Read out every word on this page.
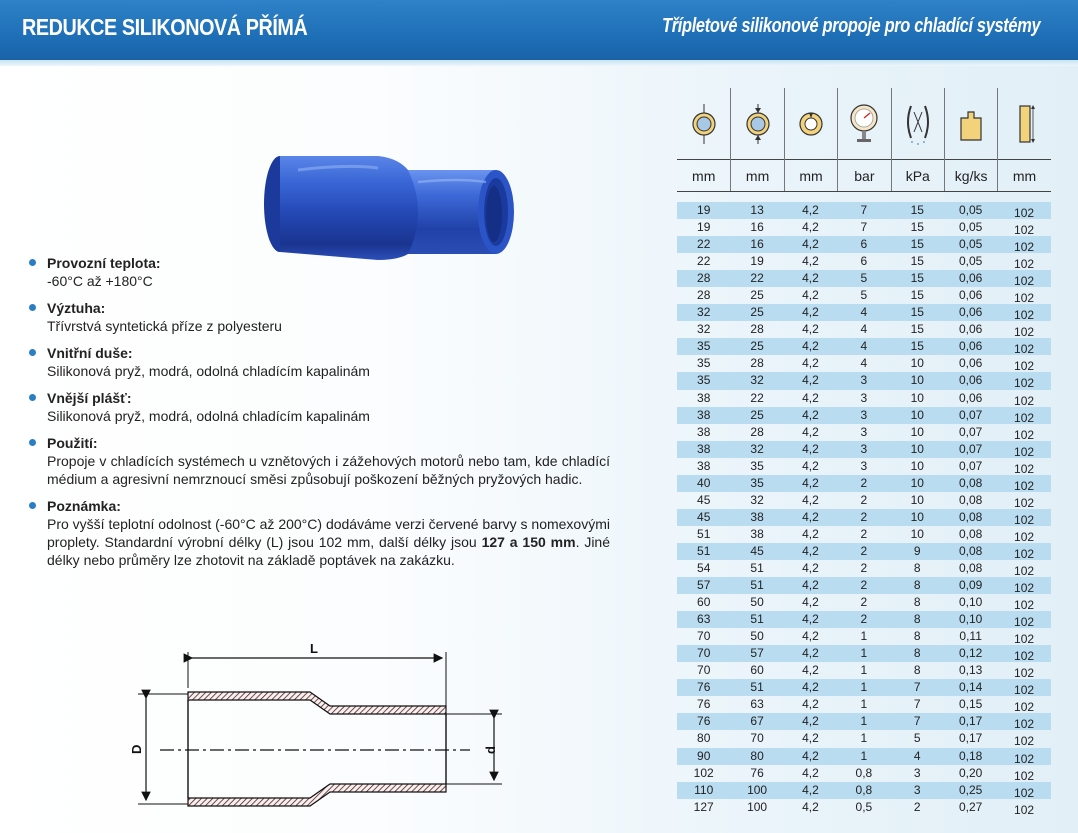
REDUKCE SILIKONOVÁ PŘÍMÁ	Třípletové silikonové propoje pro chladící systémy
Provozní teplota:
-60°C až +180°C
Výztuha:
Třívrstvá syntetická příze z polyesteru
Vnitřní duše:
Silikonová pryž, modrá, odolná chladícím kapalinám
Vnější plášť:
Silikonová pryž, modrá, odolná chladícím kapalinám
Použití:
Propoje v chladících systémech u vznětových i zážehových motorů nebo tam, kde chladící médium a agresivní nemrznoucí směsi způsobují poškození běžných pryžových hadic.
Poznámka:
Pro vyšší teplotní odolnost (-60°C až 200°C) dodáváme verzi červené barvy s nomexovými proplety. Standardní výrobní délky (L) jsou 102 mm, další délky jsou 127 a 150 mm. Jiné délky nebo průměry lze zhotovit na základě poptávek na zakázku.
L
D	d
mm	mm	mm	bar	kPa	kg/ks	mm
19	13	4,2	7	15	0,05	102
19	16	4,2	7	15	0,05	102
22	16	4,2	6	15	0,05	102
22	19	4,2	6	15	0,05	102
28	22	4,2	5	15	0,06	102
28	25	4,2	5	15	0,06	102
32	25	4,2	4	15	0,06	102
32	28	4,2	4	15	0,06	102
35	25	4,2	4	15	0,06	102
35	28	4,2	4	10	0,06	102
35	32	4,2	3	10	0,06	102
38	22	4,2	3	10	0,06	102
38	25	4,2	3	10	0,07	102
38	28	4,2	3	10	0,07	102
38	32	4,2	3	10	0,07	102
38	35	4,2	3	10	0,07	102
40	35	4,2	2	10	0,08	102
45	32	4,2	2	10	0,08	102
45	38	4,2	2	10	0,08	102
51	38	4,2	2	10	0,08	102
51	45	4,2	2	9	0,08	102
54	51	4,2	2	8	0,08	102
57	51	4,2	2	8	0,09	102
60	50	4,2	2	8	0,10	102
63	51	4,2	2	8	0,10	102
70	50	4,2	1	8	0,11	102
70	57	4,2	1	8	0,12	102
70	60	4,2	1	8	0,13	102
76	51	4,2	1	7	0,14	102
76	63	4,2	1	7	0,15	102
76	67	4,2	1	7	0,17	102
80	70	4,2	1	5	0,17	102
90	80	4,2	1	4	0,18	102
102	76	4,2	0,8	3	0,20	102
110	100	4,2	0,8	3	0,25	102
127	100	4,2	0,5	2	0,27	102
